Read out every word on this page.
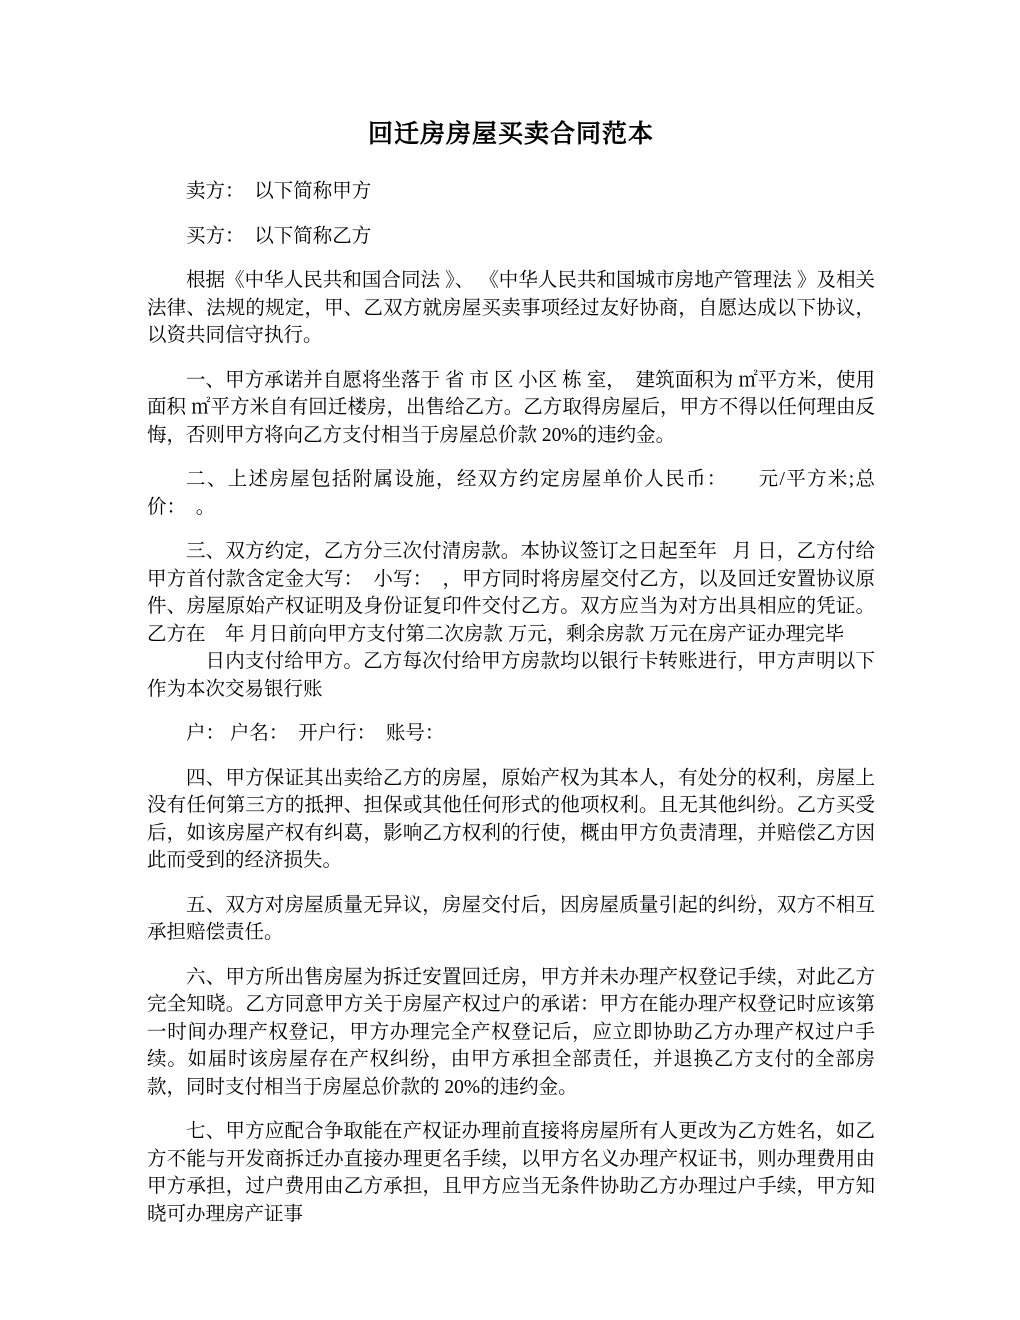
回迁房房屋买卖合同范本

卖方：　以下简称甲方

买方：　以下简称乙方

根据《中华人民共和国合同法 》、 《中华人民共和国城市房地产管理法 》及相关法律、法规的规定，甲、乙双方就房屋买卖事项经过友好协商，自愿达成以下协议，以资共同信守执行。

一、甲方承诺并自愿将坐落于 省 市 区 小区 栋 室，  建筑面积为 ㎡平方米，使用面积 ㎡平方米自有回迁楼房，出售给乙方。乙方取得房屋后，甲方不得以任何理由反悔，否则甲方将向乙方支付相当于房屋总价款 20%的违约金。

二、上述房屋包括附属设施，经双方约定房屋单价人民币：     元/平方米;总价：  。

三、双方约定，乙方分三次付清房款。本协议签订之日起至年   月 日，乙方付给甲方首付款含定金大写：  小写：  ，甲方同时将房屋交付乙方，以及回迁安置协议原件、房屋原始产权证明及身份证复印件交付乙方。双方应当为对方出具相应的凭证。乙方在    年 月日前向甲方支付第二次房款 万元，剩余房款 万元在房产证办理完毕

日内支付给甲方。乙方每次付给甲方房款均以银行卡转账进行，甲方声明以下作为本次交易银行账

户： 户名：  开户行：  账号：

四、甲方保证其出卖给乙方的房屋，原始产权为其本人，有处分的权利，房屋上没有任何第三方的抵押、担保或其他任何形式的他项权利。且无其他纠纷。乙方买受后，如该房屋产权有纠葛，影响乙方权利的行使，概由甲方负责清理，并赔偿乙方因此而受到的经济损失。

五、双方对房屋质量无异议，房屋交付后，因房屋质量引起的纠纷，双方不相互承担赔偿责任。

六、甲方所出售房屋为拆迁安置回迁房，甲方并未办理产权登记手续，对此乙方完全知晓。乙方同意甲方关于房屋产权过户的承诺：甲方在能办理产权登记时应该第一时间办理产权登记，甲方办理完全产权登记后，应立即协助乙方办理产权过户手续。如届时该房屋存在产权纠纷，由甲方承担全部责任，并退换乙方支付的全部房款，同时支付相当于房屋总价款的 20%的违约金。

七、甲方应配合争取能在产权证办理前直接将房屋所有人更改为乙方姓名，如乙方不能与开发商拆迁办直接办理更名手续，以甲方名义办理产权证书，则办理费用由甲方承担，过户费用由乙方承担，且甲方应当无条件协助乙方办理过户手续，甲方知晓可办理房产证事
